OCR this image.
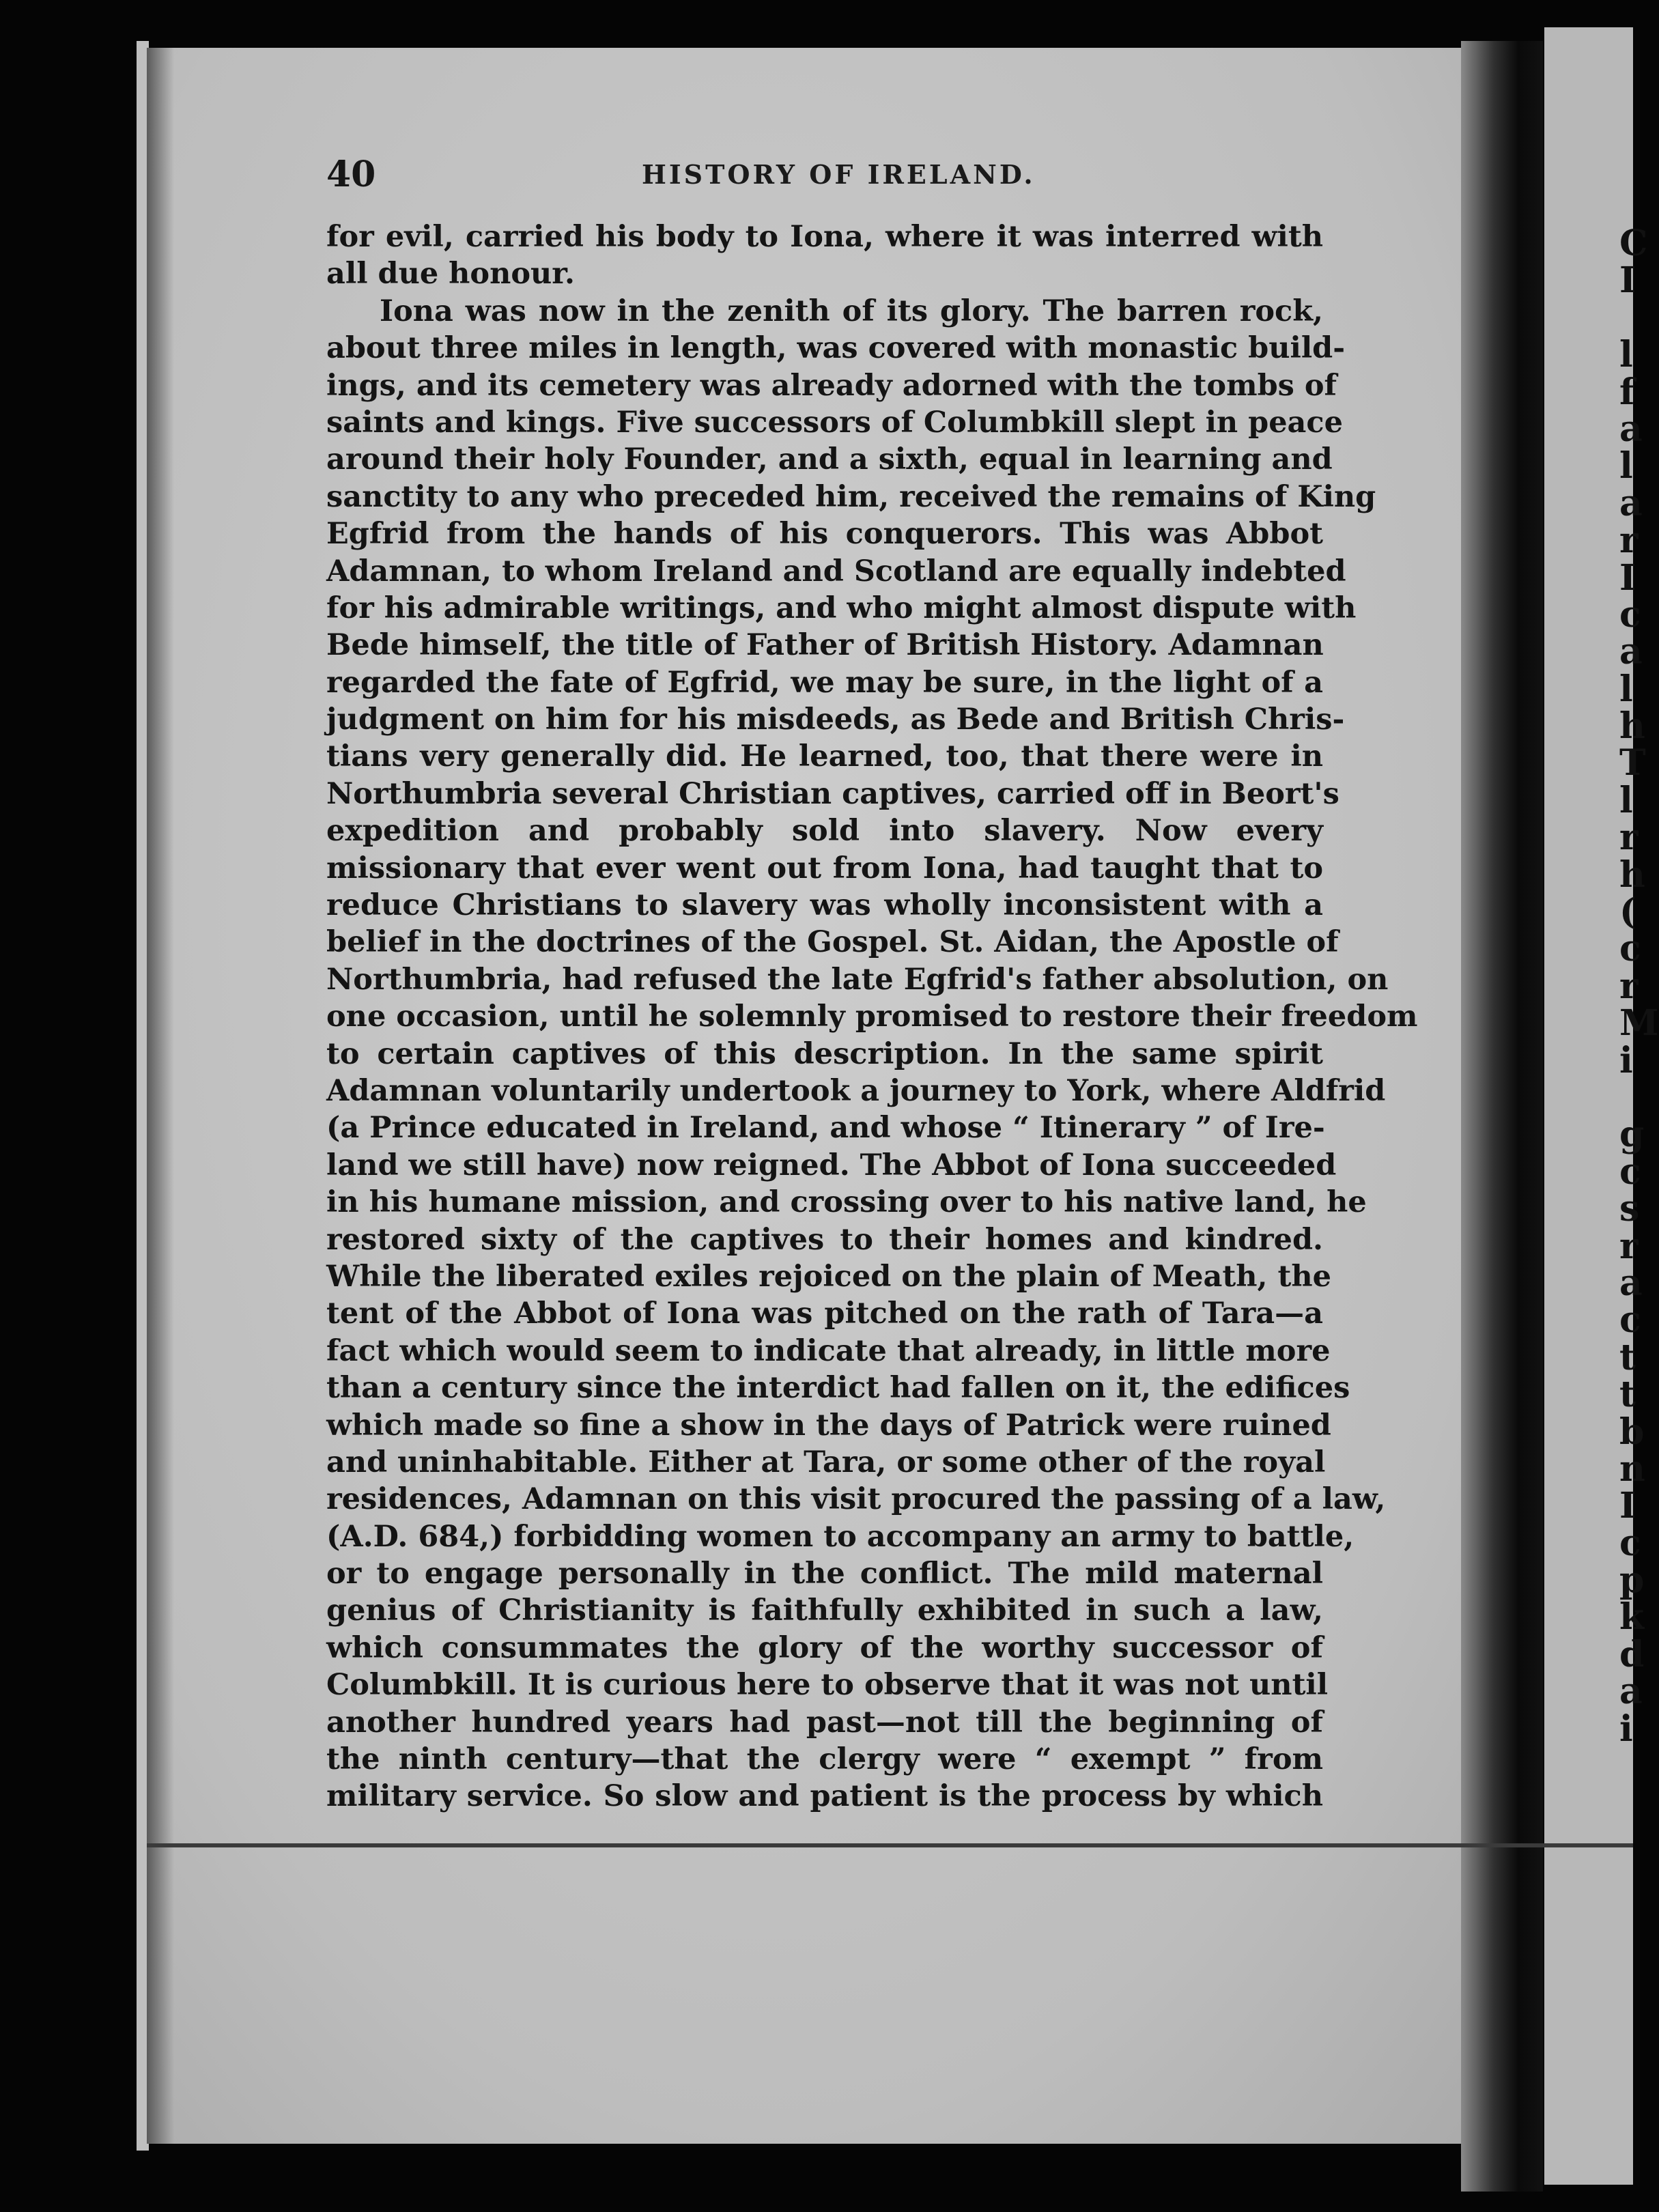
C
I
l
f
a
l
a
r
I
c
a
l
h
T
l
r
h
(
c
r
M
i
g
c
s
r
a
c
t
t
b
n
I
c
p
k
d
a
i
40	HISTORY OF IRELAND.
for evil, carried his body to Iona, where it was interred with
all due honour.
Iona was now in the zenith of its glory. The barren rock,
about three miles in length, was covered with monastic build-
ings, and its cemetery was already adorned with the tombs of
saints and kings. Five successors of Columbkill slept in peace
around their holy Founder, and a sixth, equal in learning and
sanctity to any who preceded him, received the remains of King
Egfrid from the hands of his conquerors. This was Abbot
Adamnan, to whom Ireland and Scotland are equally indebted
for his admirable writings, and who might almost dispute with
Bede himself, the title of Father of British History. Adamnan
regarded the fate of Egfrid, we may be sure, in the light of a
judgment on him for his misdeeds, as Bede and British Chris-
tians very generally did. He learned, too, that there were in
Northumbria several Christian captives, carried off in Beort's
expedition and probably sold into slavery. Now every
missionary that ever went out from Iona, had taught that to
reduce Christians to slavery was wholly inconsistent with a
belief in the doctrines of the Gospel. St. Aidan, the Apostle of
Northumbria, had refused the late Egfrid's father absolution, on
one occasion, until he solemnly promised to restore their freedom
to certain captives of this description. In the same spirit
Adamnan voluntarily undertook a journey to York, where Aldfrid
(a Prince educated in Ireland, and whose “ Itinerary ” of Ire-
land we still have) now reigned. The Abbot of Iona succeeded
in his humane mission, and crossing over to his native land, he
restored sixty of the captives to their homes and kindred.
While the liberated exiles rejoiced on the plain of Meath, the
tent of the Abbot of Iona was pitched on the rath of Tara—a
fact which would seem to indicate that already, in little more
than a century since the interdict had fallen on it, the edifices
which made so fine a show in the days of Patrick were ruined
and uninhabitable. Either at Tara, or some other of the royal
residences, Adamnan on this visit procured the passing of a law,
(A.D. 684,) forbidding women to accompany an army to battle,
or to engage personally in the conflict. The mild maternal
genius of Christianity is faithfully exhibited in such a law,
which consummates the glory of the worthy successor of
Columbkill. It is curious here to observe that it was not until
another hundred years had past—not till the beginning of
the ninth century—that the clergy were “ exempt ” from
military service. So slow and patient is the process by which
